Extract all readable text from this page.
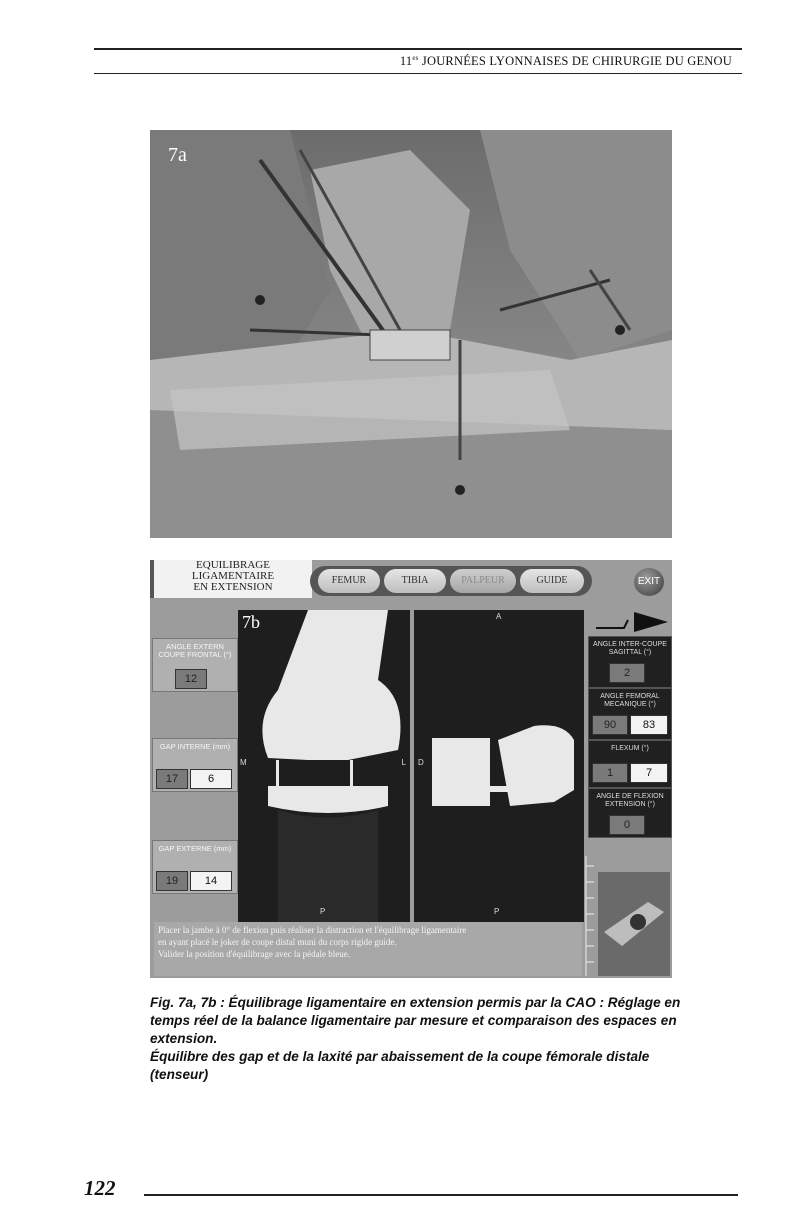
$11^{es}$ JOURNÉES LYONNAISES DE CHIRURGIE DU GENOU
7a
EQUILIBRAGE
LIGAMENTAIRE
EN EXTENSION
FEMUR	TIBIA	PALPEUR	GUIDE	EXIT
ANGLE EXTERN COUPE FRONTAL (°)
12
GAP INTERNE (mm)
17	6
GAP EXTERNE (mm)
19	14
7b
M	L
P
A
D
P
ANGLE INTER-COUPE SAGITTAL (°)
2
ANGLE FEMORAL MECANIQUE (°)
90	83
FLEXUM (°)
1	7
ANGLE DE FLEXION EXTENSION (°)
0
Placer la jambe à 0° de flexion puis réaliser la distraction et l'équilibrage ligamentaire
en ayant placé le joker de coupe distal muni du corps rigide guide.
Valider la position d'équilibrage avec la pédale bleue.

Fig. 7a, 7b : Équilibrage ligamentaire en extension permis par la CAO : Réglage en temps réel de la balance ligamentaire par mesure et comparaison des espaces en extension.

Équilibre des gap et de la laxité par abaissement de la coupe fémorale distale (tenseur)

122
